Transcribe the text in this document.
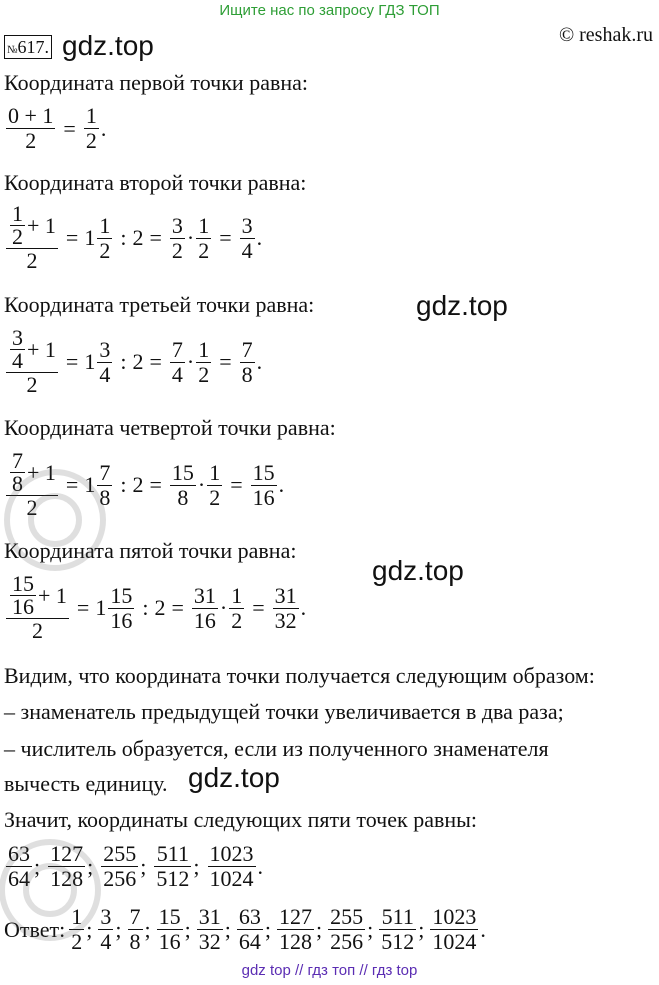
Ищите нас по запросу ГДЗ ТОП
© reshak.ru
№617. gdz.top
Координата первой точки равна:
$\frac{0 + 1}{2} = \frac{1}{2}$ .
Координата второй точки равна:
$\frac{\frac{1}{2} + 1}{2} = 1 \frac{1}{2}$ : $2 = \frac{3}{2} \cdot \frac{1}{2} = \frac{3}{4}$ .
Координата третьей точки равна:	gdz.top
$\frac{\frac{3}{4} + 1}{2} = 1 \frac{3}{4}$ : $2 = \frac{7}{4} \cdot \frac{1}{2} = \frac{7}{8}$ .
Координата четвертой точки равна:
$\frac{\frac{7}{8} + 1}{2} = 1 \frac{7}{8}$ : $2 = \frac{15}{8} \cdot \frac{1}{2} = \frac{15}{16}$ .
Координата пятой точки равна:
gdz.top
$\frac{\frac{15}{16} + 1}{2} = 1 \frac{15}{16}$ : $2 = \frac{31}{16} \cdot \frac{1}{2} = \frac{31}{32}$ .
Видим, что координата точки получается следующим образом:
– знаменатель предыдущей точки увеличивается в два раза;
– числитель образуется, если из полученного знаменателя
вычесть единицу. gdz.top
Значит, координаты следующих пяти точек равны:
$\frac{63}{64}$ ; $\frac{127}{128}$ ; $\frac{255}{256}$ ; $\frac{511}{512}$ ; $\frac{1023}{1024}$ .
Ответ: $\frac{1}{2}$ ; $\frac{3}{4}$ ; $\frac{7}{8}$ ; $\frac{15}{16}$ ; $\frac{31}{32}$ ; $\frac{63}{64}$ ; $\frac{127}{128}$ ; $\frac{255}{256}$ ; $\frac{511}{512}$ ; $\frac{1023}{1024}$ .
gdz top // гдз топ // гдз top
